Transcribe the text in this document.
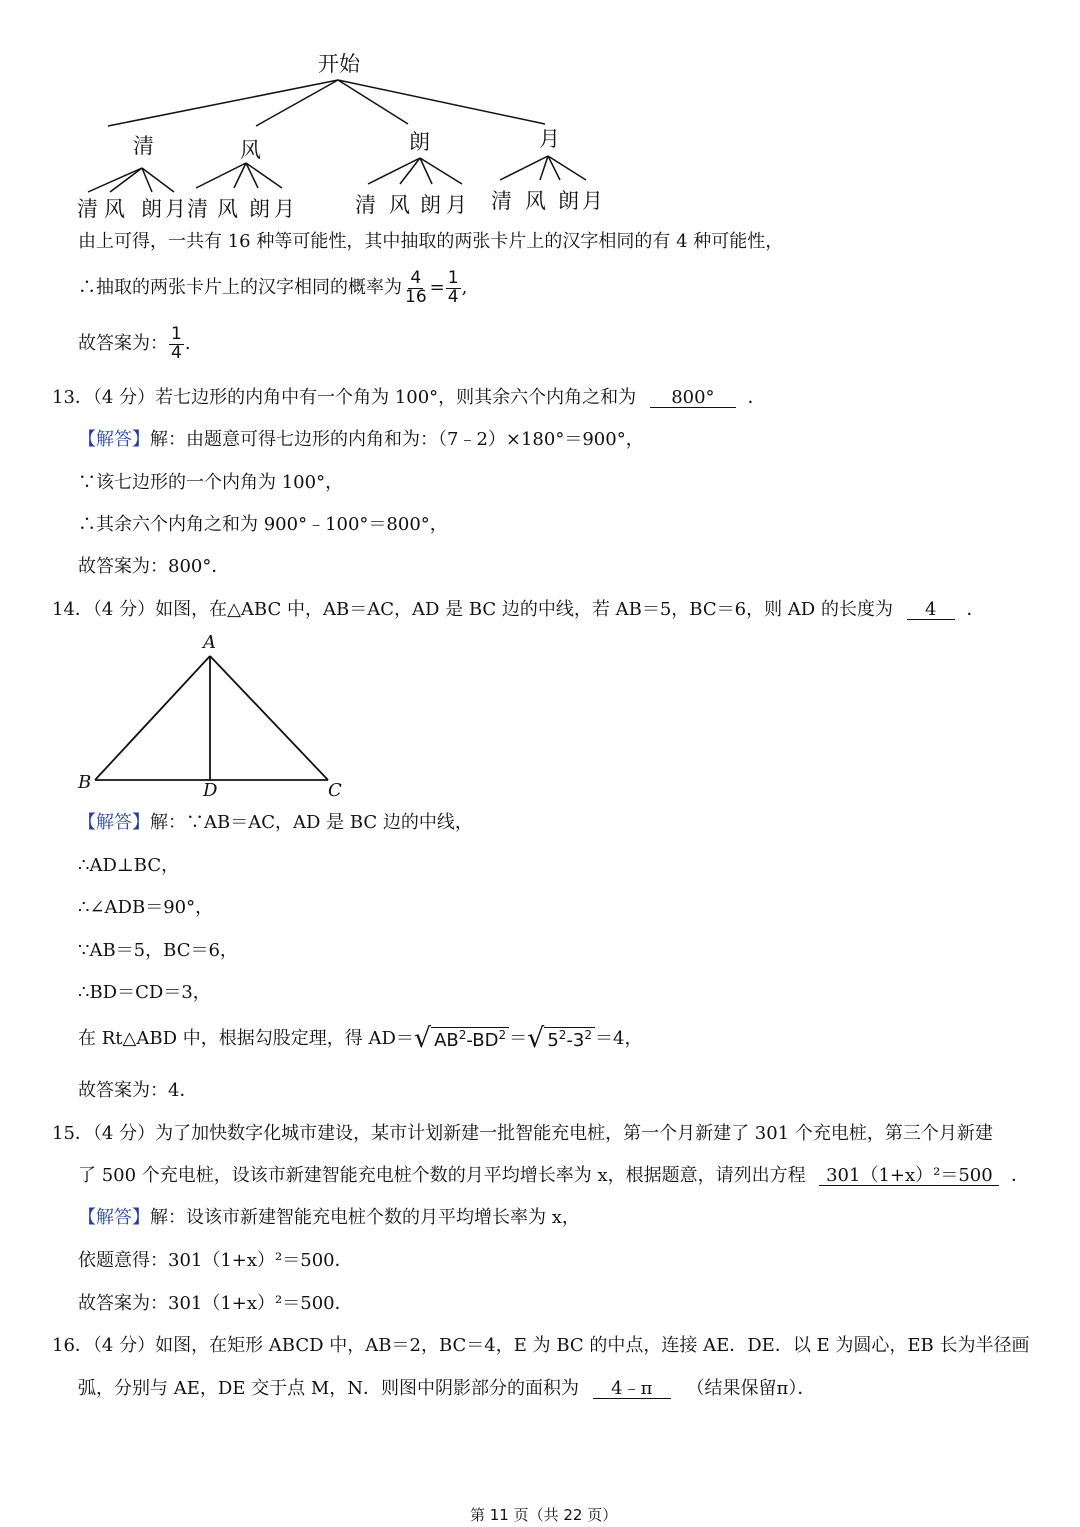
开始
清	风	朗	月
清 风 朗 月 清 风 朗 月	清 风 朗 月 清 风 朗 月
由上可得，一共有 16 种等可能性，其中抽取的两张卡片上的汉字相同的有 4 种可能性，
∴抽取的两张卡片上的汉字相同的概率为 $\frac{4}{16} = \frac{1}{4}$ ,
故答案为： $\frac{1}{4}$ .
13．（4 分）若七边形的内角中有一个角为 100°，则其余六个内角之和为 800° ．
【解答】解：由题意可得七边形的内角和为：（7﹣2）×180°＝900°，
∵该七边形的一个内角为 100°，
∴其余六个内角之和为 900°﹣100°＝800°，
故答案为：800°．
14．（4 分）如图，在△ABC 中，AB＝AC，AD 是 BC 边的中线，若 AB＝5，BC＝6，则 AD 的长度为 4 ．
A
B	D	C
【解答】解：∵AB＝AC，AD 是 BC 边的中线，
∴AD⊥BC，
∴∠ADB＝90°，
∵AB＝5，BC＝6，
∴BD＝CD＝3，
在 Rt△ABD 中，根据勾股定理，得 AD＝ √ $AB^2-BD^2$ ＝ √ $5^2-3^2 =4$，
故答案为：4．
15．（4 分）为了加快数字化城市建设，某市计划新建一批智能充电桩，第一个月新建了 301 个充电桩，第三个月新建
了 500 个充电桩，设该市新建智能充电桩个数的月平均增长率为 x，根据题意，请列出方程 301（1+x）²＝500 ．
【解答】解：设该市新建智能充电桩个数的月平均增长率为 x，
依题意得：301（1+x）²＝500．
故答案为：301（1+x）²＝500．
16．（4 分）如图，在矩形 ABCD 中，AB＝2，BC＝4，E 为 BC 的中点，连接 AE．DE．以 E 为圆心，EB 长为半径画
弧，分别与 AE，DE 交于点 M，N．则图中阴影部分的面积为 4﹣π （结果保留π）．
第 11 页（共 22 页）
